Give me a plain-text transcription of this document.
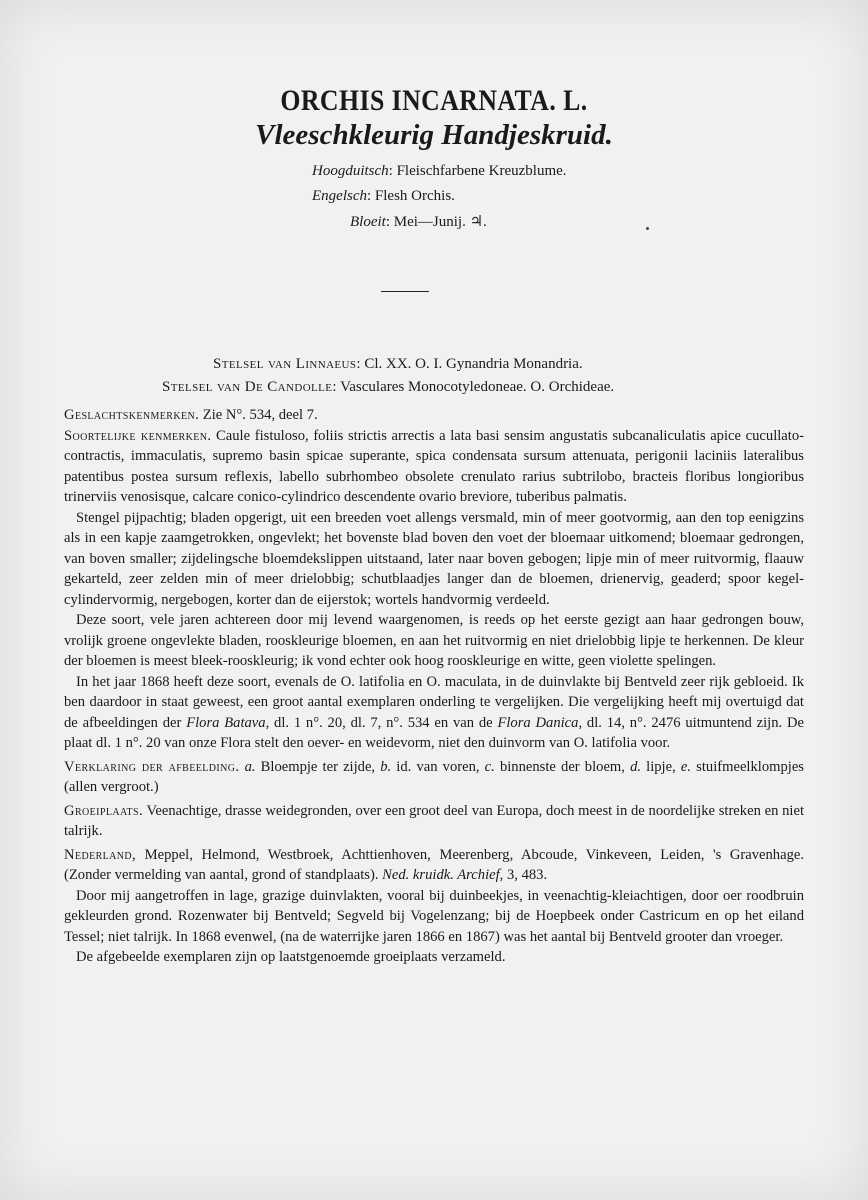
ORCHIS INCARNATA. L.
Vleeschkleurig Handjeskruid.
Hoogduitsch: Fleischfarbene Kreuzblume.
Engelsch: Flesh Orchis.
Bloeit: Mei—Junij. ♃.
Stelsel van Linnaeus: Cl. XX. O. I. Gynandria Monandria.
Stelsel van De Candolle: Vasculares Monocotyledoneae. O. Orchideae.

Geslachtskenmerken. Zie N°. 534, deel 7.

Soortelijke kenmerken. Caule fistuloso, foliis strictis arrectis a lata basi sensim angustatis subcanaliculatis apice cucullato-contractis, immaculatis, supremo basin spicae superante, spica condensata sursum attenuata, perigonii laciniis lateralibus patentibus postea sursum reflexis, labello subrhombeo obsolete crenulato rarius subtrilobo, bracteis floribus longioribus trinerviis venosisque, calcare conico-cylindrico descendente ovario breviore, tuberibus palmatis.

Stengel pijpachtig; bladen opgerigt, uit een breeden voet allengs versmald, min of meer gootvormig, aan den top eenigzins als in een kapje zaamgetrokken, ongevlekt; het bovenste blad boven den voet der bloemaar uitkomend; bloemaar gedrongen, van boven smaller; zijdelingsche bloemdekslippen uitstaand, later naar boven gebogen; lipje min of meer ruitvormig, flaauw gekarteld, zeer zelden min of meer drielobbig; schutblaadjes langer dan de bloemen, drienervig, geaderd; spoor kegel-cylindervormig, nergebogen, korter dan de eijerstok; wortels handvormig verdeeld.

Deze soort, vele jaren achtereen door mij levend waargenomen, is reeds op het eerste gezigt aan haar gedrongen bouw, vrolijk groene ongevlekte bladen, rooskleurige bloemen, en aan het ruitvormig en niet drielobbig lipje te herkennen. De kleur der bloemen is meest bleek-rooskleurig; ik vond echter ook hoog rooskleurige en witte, geen violette spelingen.

In het jaar 1868 heeft deze soort, evenals de O. latifolia en O. maculata, in de duinvlakte bij Bentveld zeer rijk gebloeid. Ik ben daardoor in staat geweest, een groot aantal exemplaren onderling te vergelijken. Die vergelijking heeft mij overtuigd dat de afbeeldingen der Flora Batava, dl. 1 n°. 20, dl. 7, n°. 534 en van de Flora Danica, dl. 14, n°. 2476 uitmuntend zijn. De plaat dl. 1 n°. 20 van onze Flora stelt den oever- en weidevorm, niet den duinvorm van O. latifolia voor.

Verklaring der afbeelding. a. Bloempje ter zijde, b. id. van voren, c. binnenste der bloem, d. lipje, e. stuifmeelklompjes (allen vergroot.)

Groeiplaats. Veenachtige, drasse weidegronden, over een groot deel van Europa, doch meest in de noordelijke streken en niet talrijk.

Nederland, Meppel, Helmond, Westbroek, Achttienhoven, Meerenberg, Abcoude, Vinkeveen, Leiden, 's Gravenhage. (Zonder vermelding van aantal, grond of standplaats). Ned. kruidk. Archief, 3, 483.

Door mij aangetroffen in lage, grazige duinvlakten, vooral bij duinbeekjes, in veenachtig-kleiachtigen, door oer roodbruin gekleurden grond. Rozenwater bij Bentveld; Segveld bij Vogelenzang; bij de Hoepbeek onder Castricum en op het eiland Tessel; niet talrijk. In 1868 evenwel, (na de waterrijke jaren 1866 en 1867) was het aantal bij Bentveld grooter dan vroeger.

De afgebeelde exemplaren zijn op laatstgenoemde groeiplaats verzameld.
